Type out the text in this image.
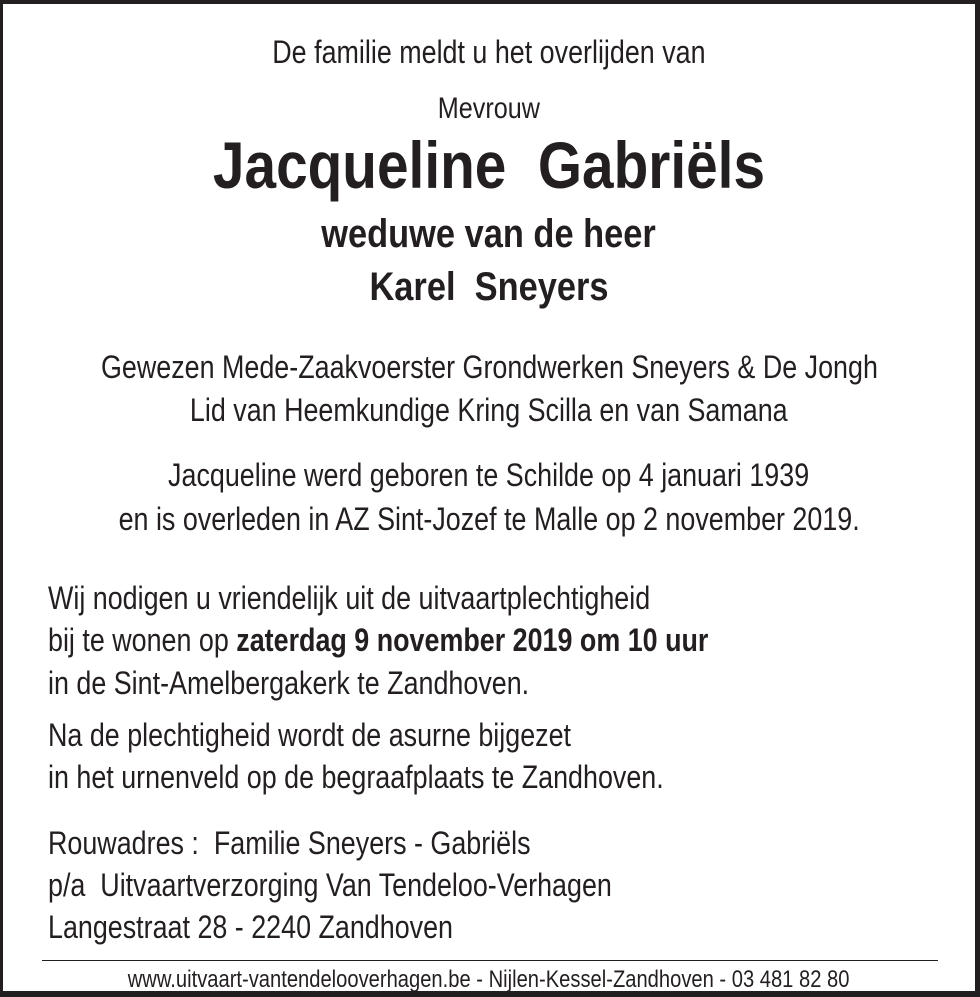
De familie meldt u het overlijden van
Mevrouw
Jacqueline  Gabriëls
weduwe van de heer
Karel  Sneyers
Gewezen Mede-Zaakvoerster Grondwerken Sneyers & De Jongh
Lid van Heemkundige Kring Scilla en van Samana
Jacqueline werd geboren te Schilde op 4 januari 1939
en is overleden in AZ Sint-Jozef te Malle op 2 november 2019.
Wij nodigen u vriendelijk uit de uitvaartplechtigheid
bij te wonen op zaterdag 9 november 2019 om 10 uur
in de Sint-Amelbergakerk te Zandhoven.
Na de plechtigheid wordt de asurne bijgezet
in het urnenveld op de begraafplaats te Zandhoven.
Rouwadres :  Familie Sneyers - Gabriëls
p/a  Uitvaartverzorging Van Tendeloo-Verhagen
Langestraat 28 - 2240 Zandhoven
www.uitvaart-vantendelooverhagen.be - Nijlen-Kessel-Zandhoven - 03 481 82 80
